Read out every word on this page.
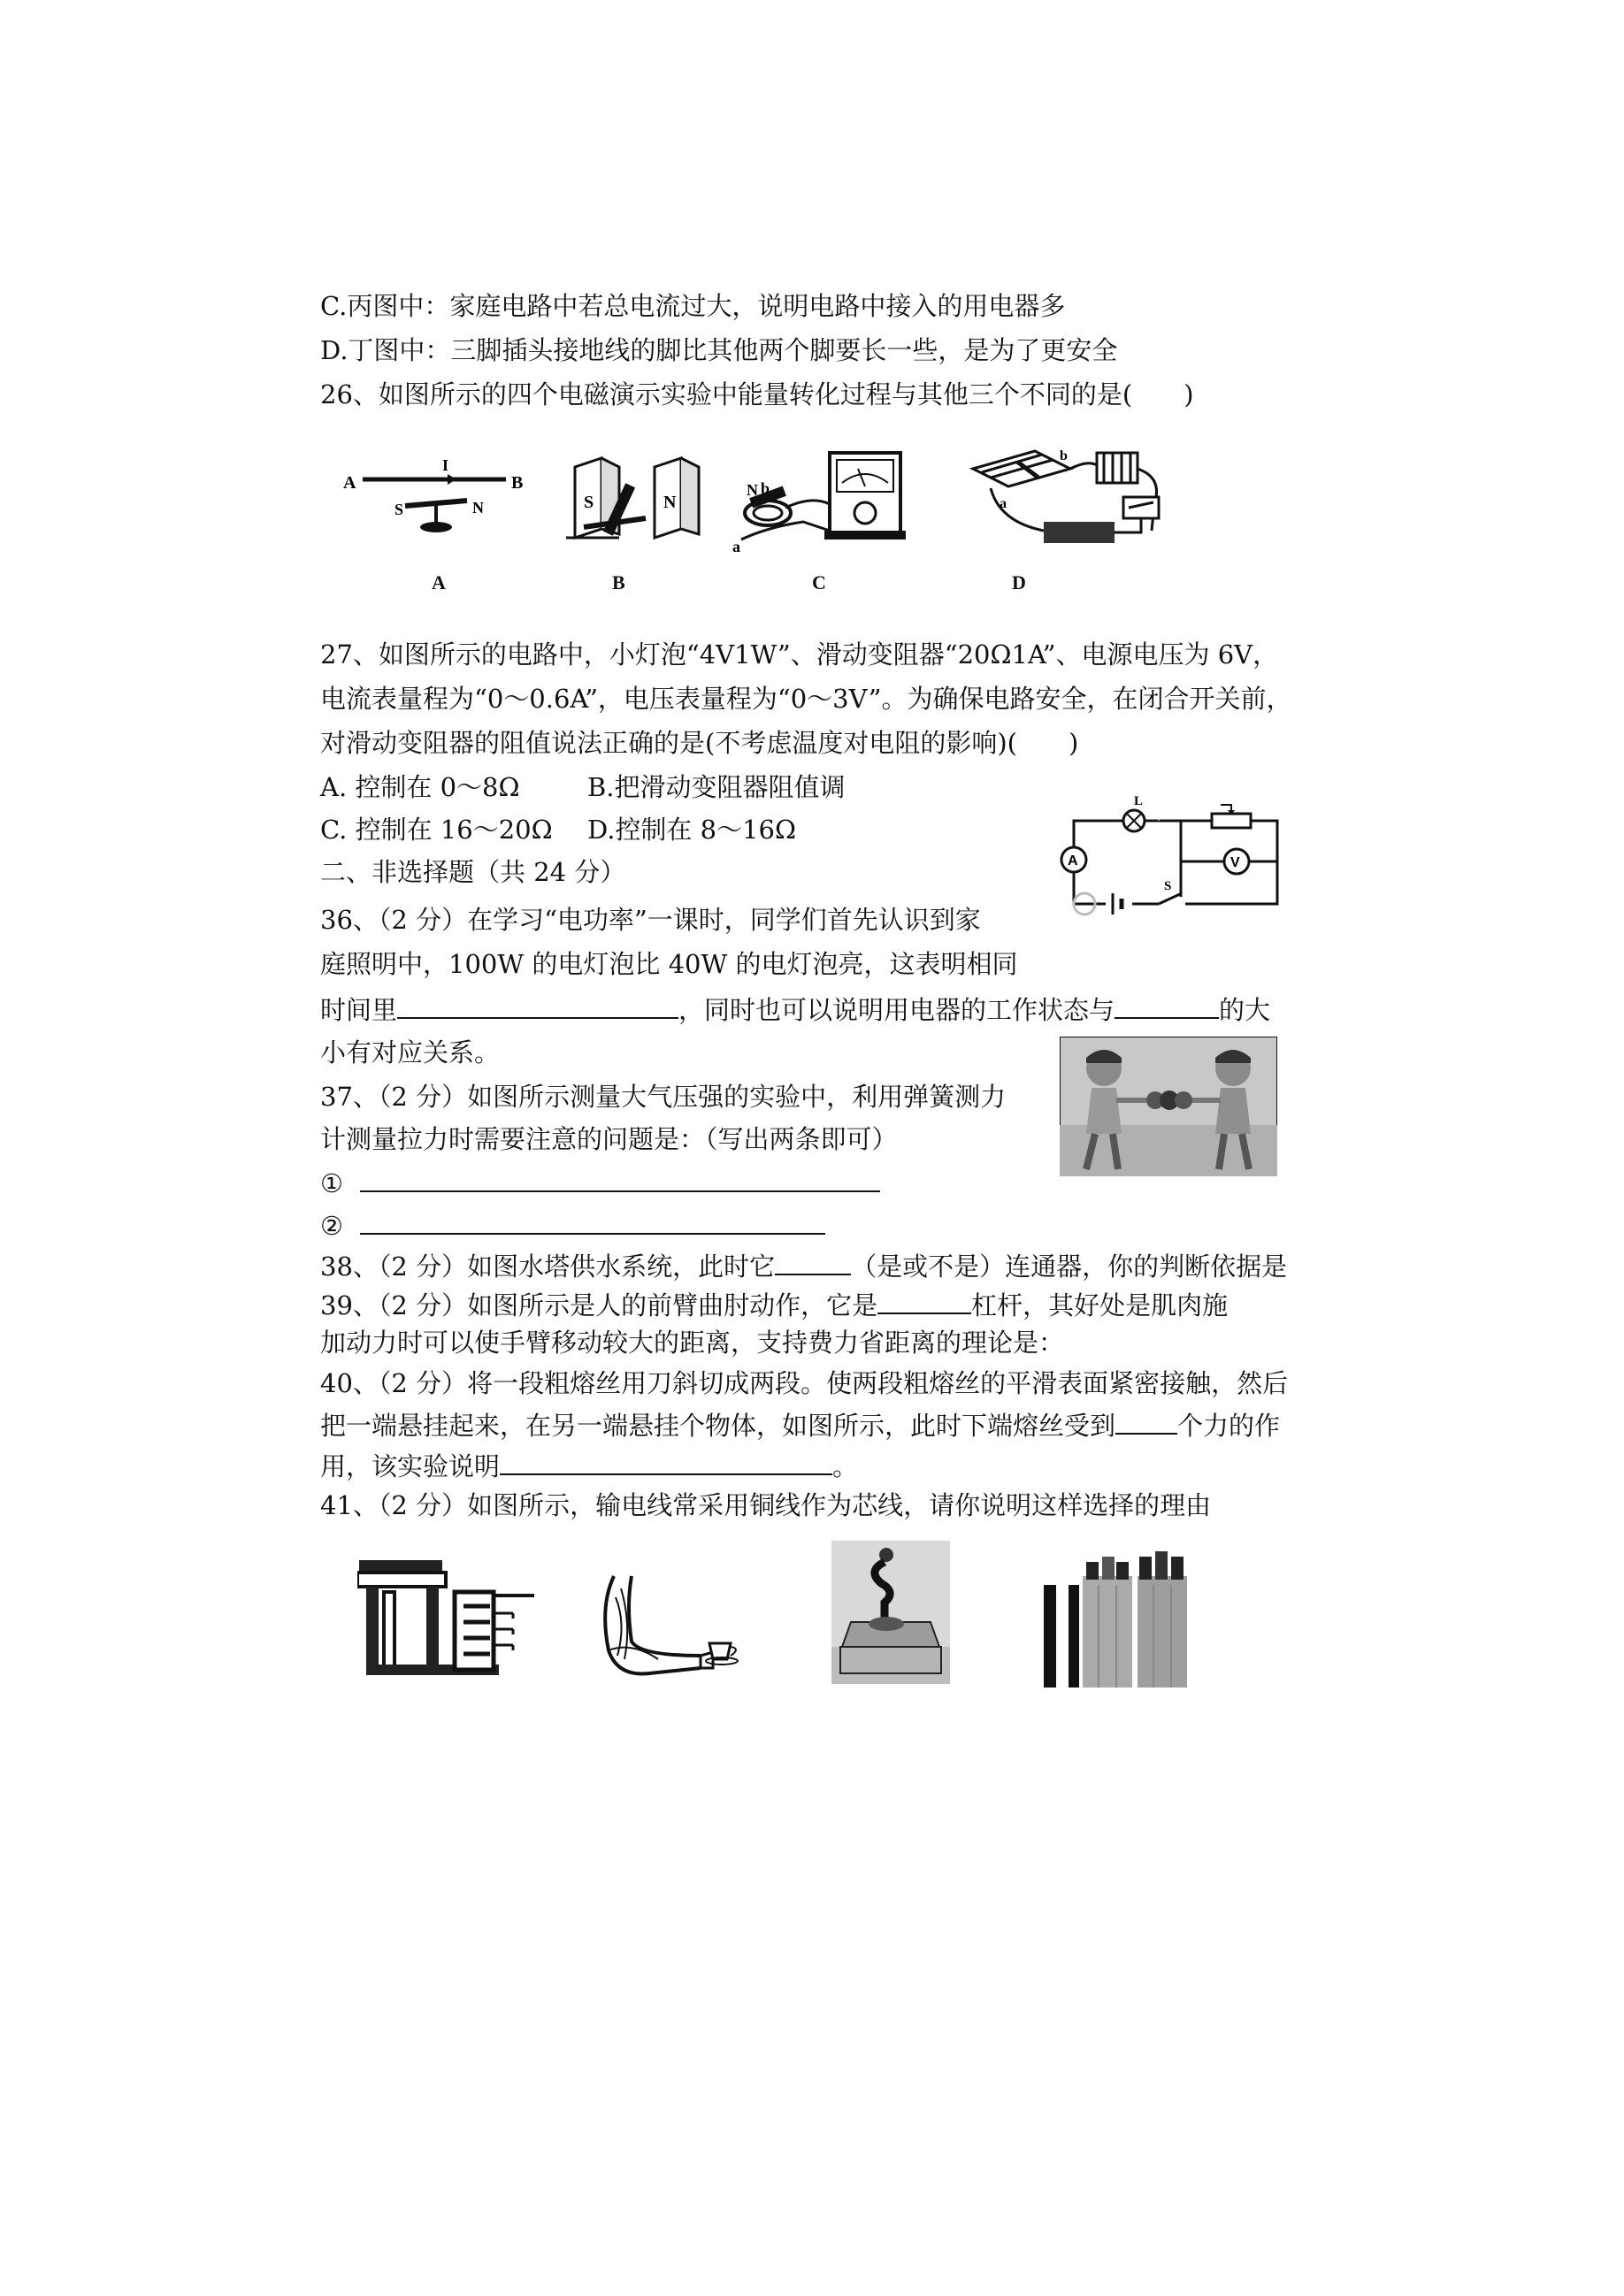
C.丙图中：家庭电路中若总电流过大，说明电路中接入的用电器多
D.丁图中：三脚插头接地线的脚比其他两个脚要长一些，是为了更安全
26、如图所示的四个电磁演示实验中能量转化过程与其他三个不同的是(　　)
A	B
I
S	N	S	N
N b
a
a
b
A	B	C	D
27、如图所示的电路中，小灯泡“4V1W”、滑动变阻器“20Ω1A”、电源电压为 6V，
电流表量程为“0～0.6A”，电压表量程为“0～3V”。为确保电路安全，在闭合开关前，
对滑动变阻器的阻值说法正确的是(不考虑温度对电阻的影响)(　　)
A. 控制在 0～8Ω	B.把滑动变阻器阻值调
C. 控制在 16～20Ω D.控制在 8～16Ω
L
A	V
S
二、非选择题（共 24 分）
36、（2 分）在学习“电功率”一课时，同学们首先认识到家
庭照明中，100W 的电灯泡比 40W 的电灯泡亮，这表明相同
时间里	，同时也可以说明用电器的工作状态与	的大
小有对应关系。
37、（2 分）如图所示测量大气压强的实验中，利用弹簧测力
计测量拉力时需要注意的问题是：（写出两条即可）
①
②
38、（2 分）如图水塔供水系统，此时它	（是或不是）连通器，你的判断依据是
39、（2 分）如图所示是人的前臂曲肘动作，它是	杠杆，其好处是肌肉施
加动力时可以使手臂移动较大的距离，支持费力省距离的理论是：
40、（2 分）将一段粗熔丝用刀斜切成两段。使两段粗熔丝的平滑表面紧密接触，然后
把一端悬挂起来，在另一端悬挂个物体，如图所示，此时下端熔丝受到 个力的作
用，该实验说明	。
41、（2 分）如图所示，输电线常采用铜线作为芯线，请你说明这样选择的理由
